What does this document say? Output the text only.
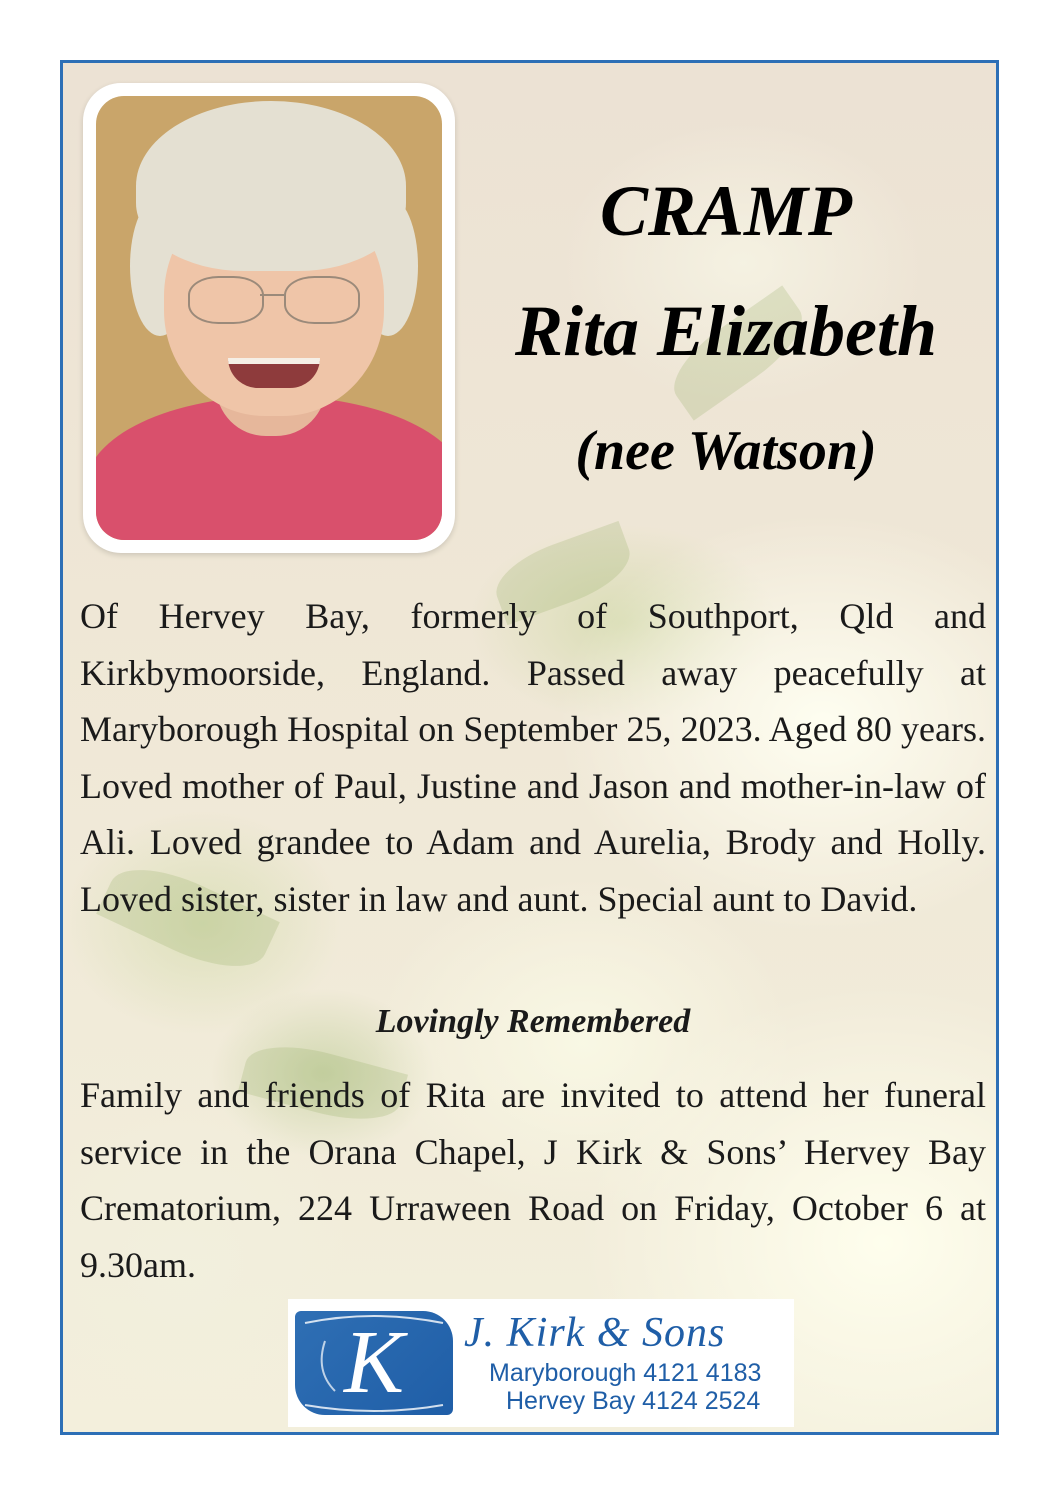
CRAMP
Rita Elizabeth
(nee Watson)

Of Hervey Bay, formerly of Southport, Qld and Kirkbymoorside, England. Passed away peacefully at Maryborough Hospital on September 25, 2023. Aged 80 years. Loved mother of Paul, Justine and Jason and mother-in-law of Ali. Loved grandee to Adam and Aurelia, Brody and Holly. Loved sister, sister in law and aunt. Special aunt to David.

Lovingly Remembered

Family and friends of Rita are invited to attend her funeral service in the Orana Chapel, J Kirk & Sons’ Hervey Bay Crematorium, 224 Urraween Road on Friday, October 6 at 9.30am.

K	J. Kirk & Sons
Maryborough 4121 4183
Hervey Bay 4124 2524
